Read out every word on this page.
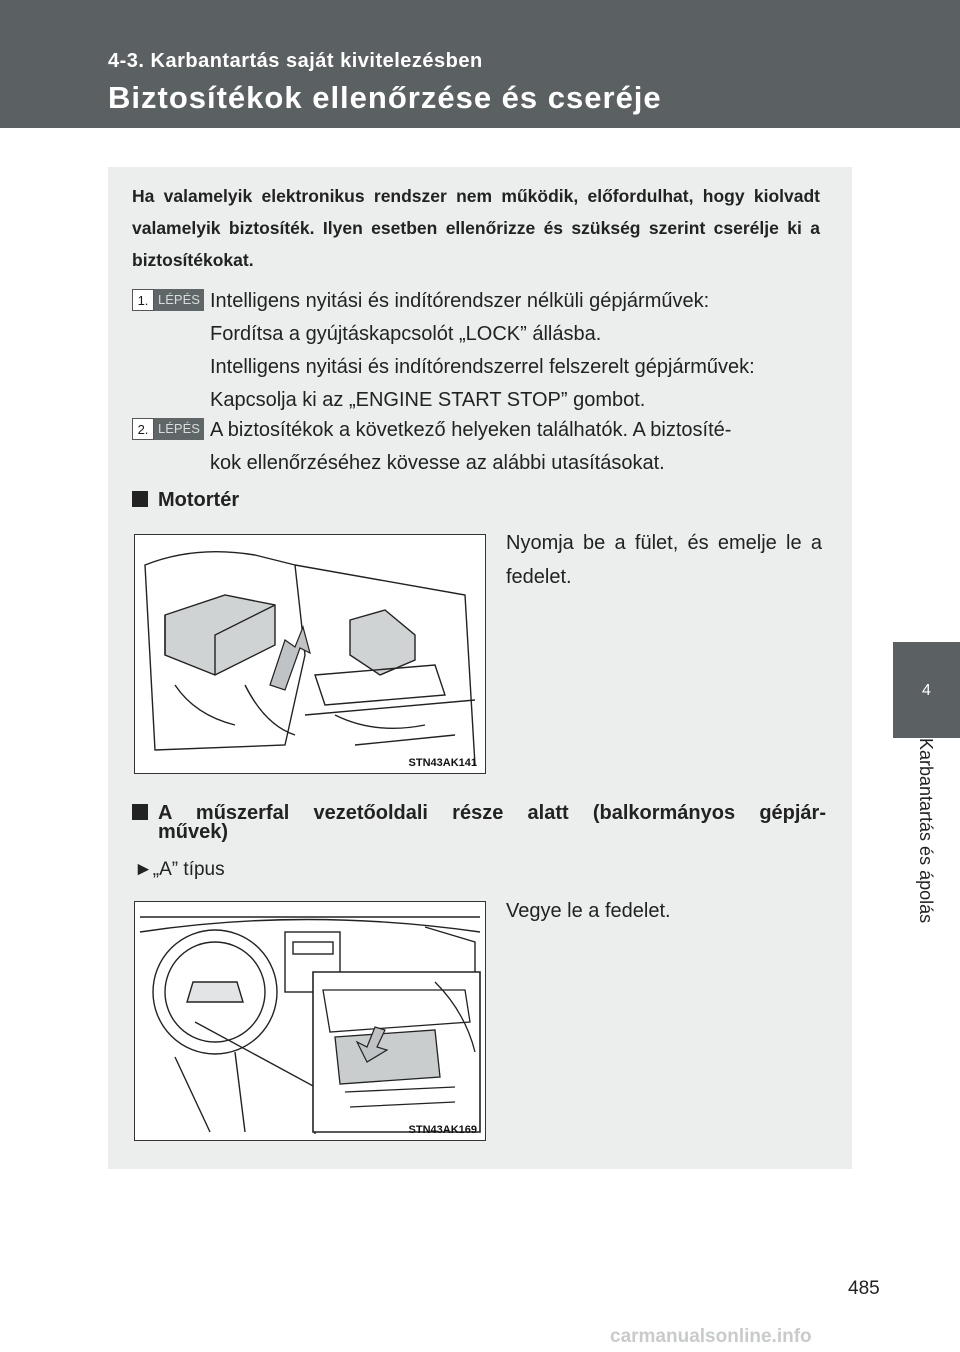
4-3. Karbantartás saját kivitelezésben
Biztosítékok ellenőrzése és cseréje
4
Karbantartás és ápolás
Ha valamelyik elektronikus rendszer nem működik, előfordulhat, hogy kiolvadt valamelyik biztosíték. Ilyen esetben ellenőrizze és szükség szerint cserélje ki a biztosítékokat.
1. LÉPÉS Intelligens nyitási és indítórendszer nélküli gépjárművek:
Fordítsa a gyújtáskapcsolót „LOCK” állásba.
Intelligens nyitási és indítórendszerrel felszerelt gépjárművek:
Kapcsolja ki az „ENGINE START STOP” gombot.
2. LÉPÉS A biztosítékok a következő helyeken találhatók. A biztosíté-
kok ellenőrzéséhez kövesse az alábbi utasításokat.
Motortér
Nyomja be a fület, és emelje le a fedelet.
STN43AK141
A műszerfal vezetőoldali része alatt (balkormányos gépjár-
művek)
►„A” típus
Vegye le a fedelet.
STN43AK169
485
carmanualsonline.info
